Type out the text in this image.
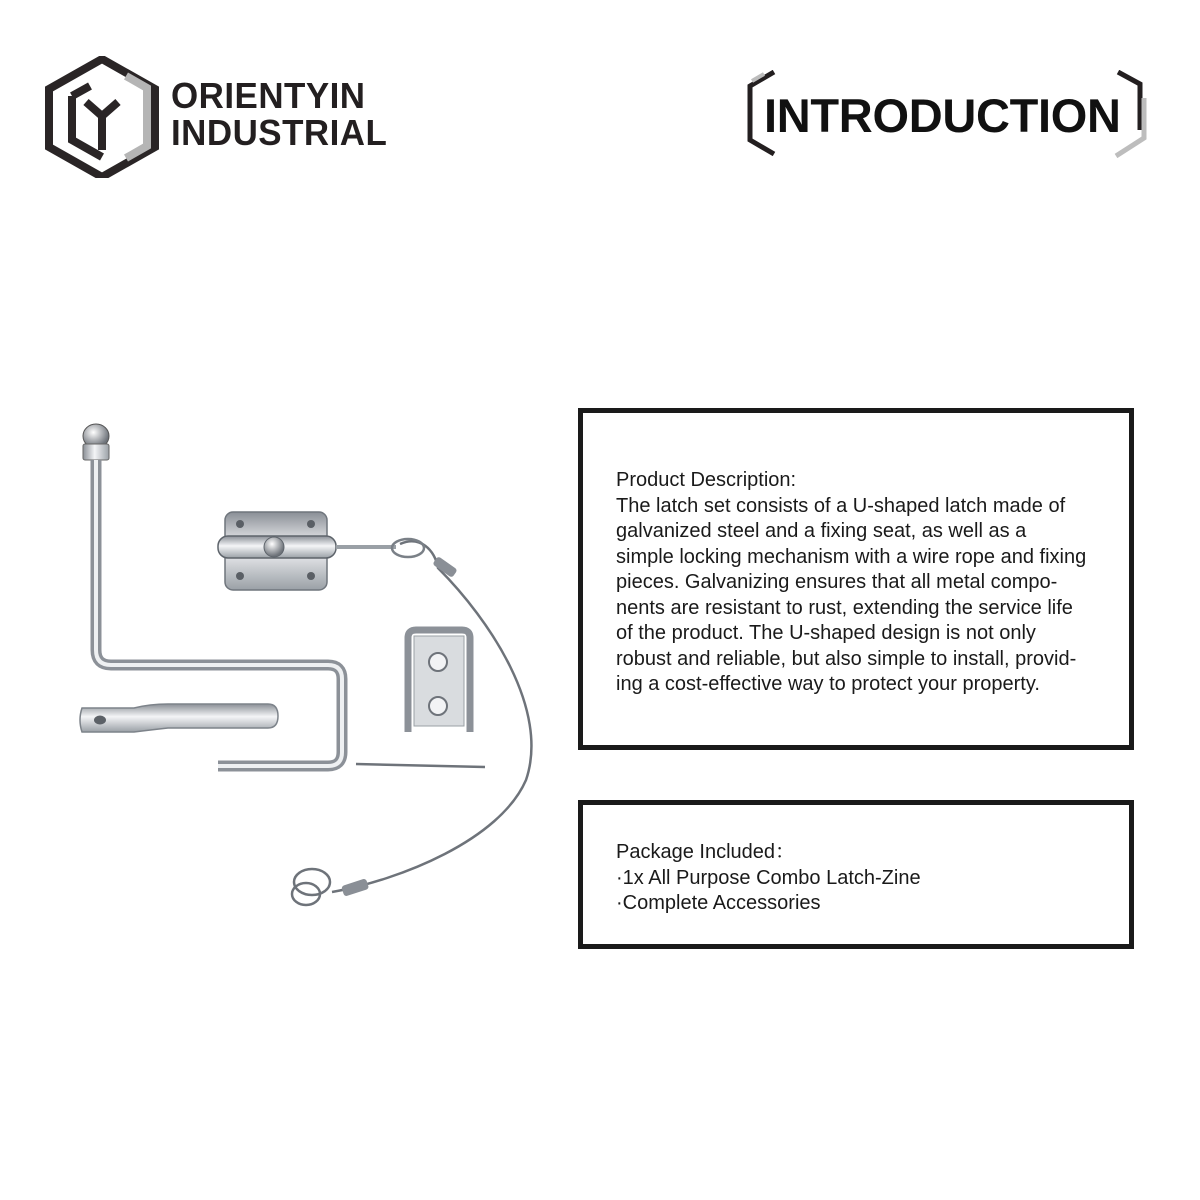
ORIENTYIN
INDUSTRIAL	INTRODUCTION
Product Description:
The latch set consists of a U-shaped latch made of
galvanized steel and a fixing seat, as well as a
simple locking mechanism with a wire rope and fixing
pieces. Galvanizing ensures that all metal compo-
nents are resistant to rust, extending the service life
of the product. The U-shaped design is not only
robust and reliable, but also simple to install, provid-
ing a cost-effective way to protect your property.
Package Included：
·1x All Purpose Combo Latch-Zine
·Complete Accessories
